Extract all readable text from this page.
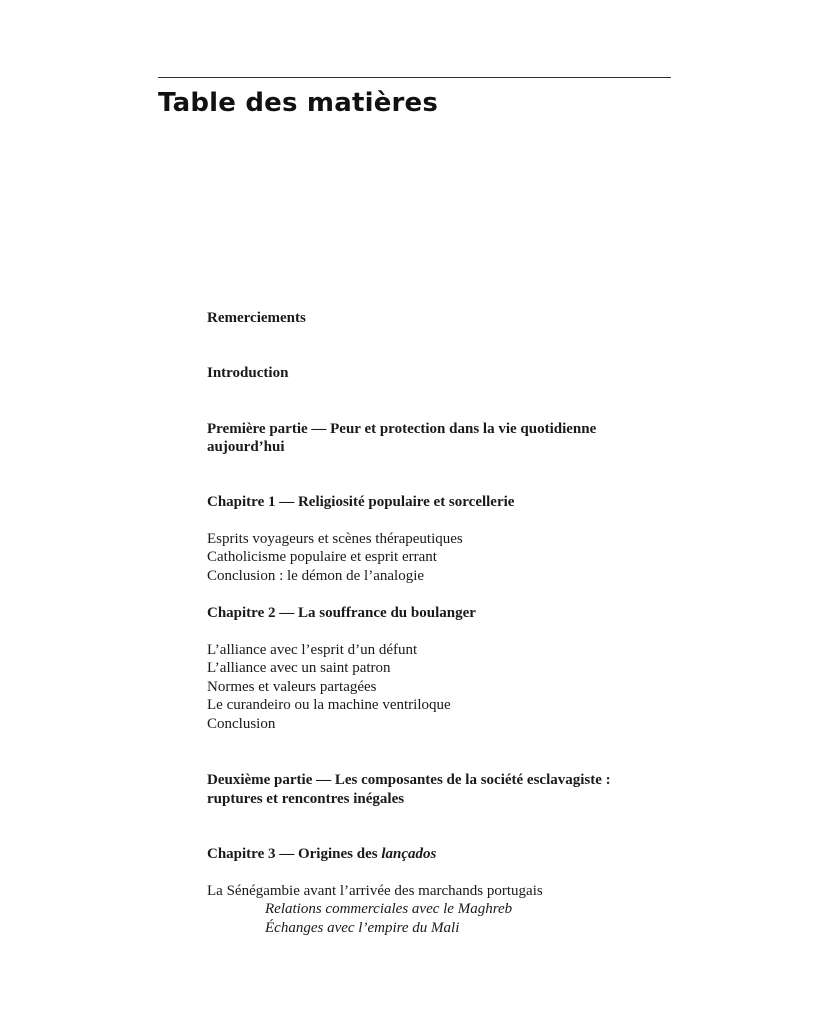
Table des matières
Remerciements
Introduction
Première partie — Peur et protection dans la vie quotidienne
aujourd’hui
Chapitre 1 — Religiosité populaire et sorcellerie
Esprits voyageurs et scènes thérapeutiques
Catholicisme populaire et esprit errant
Conclusion : le démon de l’analogie
Chapitre 2 — La souffrance du boulanger
L’alliance avec l’esprit d’un défunt
L’alliance avec un saint patron
Normes et valeurs partagées
Le curandeiro ou la machine ventriloque
Conclusion
Deuxième partie — Les composantes de la société esclavagiste :
ruptures et rencontres inégales
Chapitre 3 — Origines des lançados
La Sénégambie avant l’arrivée des marchands portugais
Relations commerciales avec le Maghreb
Échanges avec l’empire du Mali
